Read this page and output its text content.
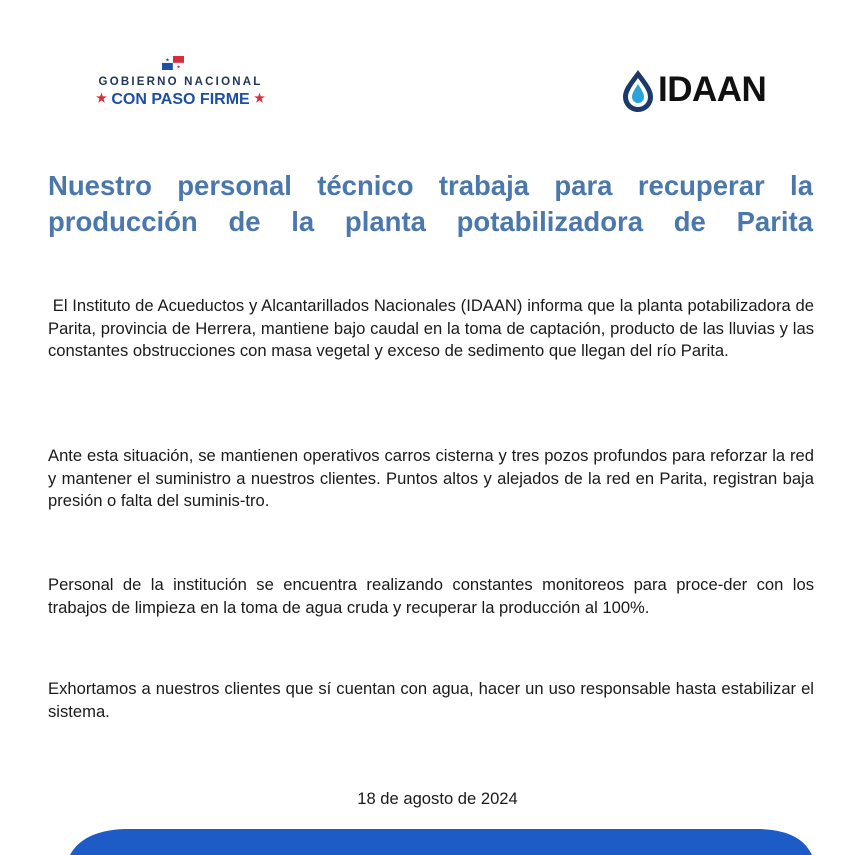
★
★
GOBIERNO NACIONAL
★ CON PASO FIRME ★	IDAAN
Nuestro personal técnico trabaja para recuperar la producción de la planta potabilizadora de Parita

El Instituto de Acueductos y Alcantarillados Nacionales (IDAAN) informa que la planta potabilizadora de Parita, provincia de Herrera, mantiene bajo caudal en la toma de captación, producto de las lluvias y las constantes obstrucciones con masa vegetal y exceso de sedimento que llegan del río Parita.

Ante esta situación, se mantienen operativos carros cisterna y tres pozos profundos para reforzar la red y mantener el suministro a nuestros clientes. Puntos altos y alejados de la red en Parita, registran baja presión o falta del suminis-tro.

Personal de la institución se encuentra realizando constantes monitoreos para proce-der con los trabajos de limpieza en la toma de agua cruda y recuperar la producción al 100%.

Exhortamos a nuestros clientes que sí cuentan con agua, hacer un uso responsable hasta estabilizar el sistema.

18 de agosto de 2024
